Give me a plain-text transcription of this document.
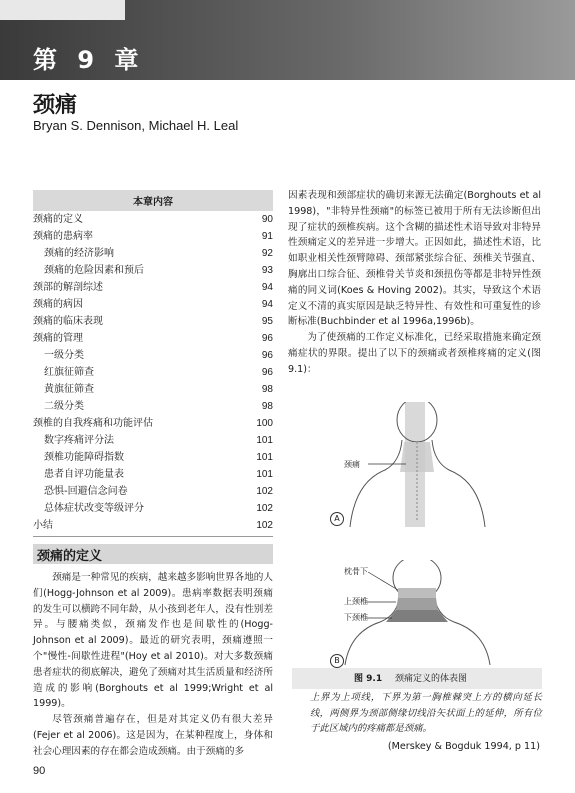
第 9 章
颈痛
Bryan S. Dennison, Michael H. Leal
本章内容
颈痛的定义	90
颈痛的患病率	91
颈痛的经济影响	92
颈痛的危险因素和预后	93
颈部的解剖综述	94
颈痛的病因	94
颈痛的临床表现	95
颈痛的管理	96
一级分类	96
红旗征筛查	96
黄旗征筛查	98
二级分类	98
颈椎的自我疼痛和功能评估	100
数字疼痛评分法	101
颈椎功能障碍指数	101
患者自评功能量表	101
恐惧-回避信念问卷	102
总体症状改变等级评分	102
小结	102
颈痛的定义

颈痛是一种常见的疾病，越来越多影响世界各地的人们(Hogg-Johnson et al 2009)。患病率数据表明颈痛的发生可以横跨不同年龄，从小孩到老年人，没有性别差异。与腰痛类似，颈痛发作也是间歇性的(Hogg-Johnson et al 2009)。最近的研究表明，颈痛遵照一个"慢性-间歇性进程"(Hoy et al 2010)。对大多数颈痛患者症状的彻底解决，避免了颈痛对其生活质量和经济所造成的影响(Borghouts et al 1999;Wright et al 1999)。

尽管颈痛普遍存在，但是对其定义仍有很大差异(Fejer et al 2006)。这是因为，在某种程度上，身体和社会心理因素的存在都会造成颈痛。由于颈痛的多

因素表现和颈部症状的确切来源无法确定(Borghouts et al 1998)，"非特异性颈痛"的标签已被用于所有无法诊断但出现了症状的颈椎疾病。这个含糊的描述性术语导致对非特异性颈痛定义的差异进一步增大。正因如此，描述性术语，比如职业相关性颈臂障碍、颈部紧张综合征、颈椎关节强直、胸廓出口综合征、颈椎骨关节炎和颈扭伤等都是非特异性颈痛的同义词(Koes & Hoving 2002)。其实，导致这个术语定义不清的真实原因是缺乏特异性、有效性和可重复性的诊断标准(Buchbinder et al 1996a,1996b)。

为了使颈痛的工作定义标准化，已经采取措施来确定颈痛症状的界限。提出了以下的颈痛或者颈椎疼痛的定义(图 9.1)：

颈痛
A
枕骨下
上颈椎
下颈椎
B
图 9.1 颈痛定义的体表图
上界为上项线，下界为第一胸椎棘突上方的横向延长线，两侧界为颈部侧缘切线沿矢状面上的延伸，所有位于此区域内的疼痛都是颈痛。
(Merskey & Bogduk 1994, p 11)
90
